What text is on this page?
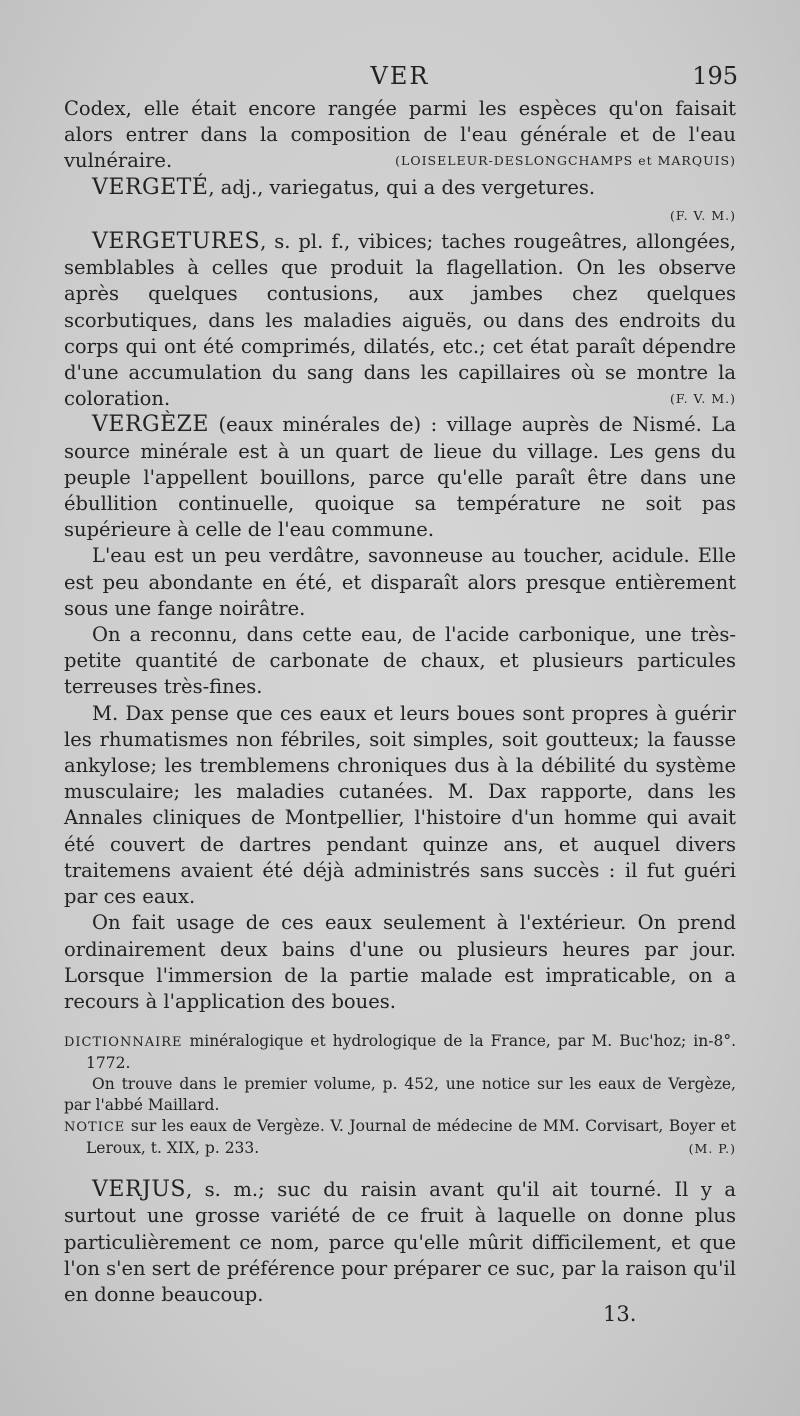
VER	195

Codex, elle était encore rangée parmi les espèces qu'on faisait alors entrer dans la composition de l'eau générale et de l'eau vulnéraire.	(LOISELEUR-DESLONGCHAMPS et MARQUIS)

VERGETÉ, adj., variegatus, qui a des vergetures.

(F. V. M.)

VERGETURES, s. pl. f., vibices; taches rougeâtres, allongées, semblables à celles que produit la flagellation. On les observe après quelques contusions, aux jambes chez quelques scorbutiques, dans les maladies aiguës, ou dans des endroits du corps qui ont été comprimés, dilatés, etc.; cet état paraît dépendre d'une accumulation du sang dans les capillaires où se montre la coloration.	(F. V. M.)

VERGÈZE (eaux minérales de) : village auprès de Nismé. La source minérale est à un quart de lieue du village. Les gens du peuple l'appellent bouillons, parce qu'elle paraît être dans une ébullition continuelle, quoique sa température ne soit pas supérieure à celle de l'eau commune.

L'eau est un peu verdâtre, savonneuse au toucher, acidule. Elle est peu abondante en été, et disparaît alors presque entièrement sous une fange noirâtre.

On a reconnu, dans cette eau, de l'acide carbonique, une très-petite quantité de carbonate de chaux, et plusieurs particules terreuses très-fines.

M. Dax pense que ces eaux et leurs boues sont propres à guérir les rhumatismes non fébriles, soit simples, soit goutteux; la fausse ankylose; les tremblemens chroniques dus à la débilité du système musculaire; les maladies cutanées. M. Dax rapporte, dans les Annales cliniques de Montpellier, l'histoire d'un homme qui avait été couvert de dartres pendant quinze ans, et auquel divers traitemens avaient été déjà administrés sans succès : il fut guéri par ces eaux.

On fait usage de ces eaux seulement à l'extérieur. On prend ordinairement deux bains d'une ou plusieurs heures par jour. Lorsque l'immersion de la partie malade est impraticable, on a recours à l'application des boues.

DICTIONNAIRE minéralogique et hydrologique de la France, par M. Buc'hoz; in-8°. 1772.

On trouve dans le premier volume, p. 452, une notice sur les eaux de Vergèze, par l'abbé Maillard.

NOTICE sur les eaux de Vergèze. V. Journal de médecine de MM. Corvisart, Boyer et Leroux, t. XIX, p. 233.	(M. P.)

VERJUS, s. m.; suc du raisin avant qu'il ait tourné. Il y a surtout une grosse variété de ce fruit à laquelle on donne plus particulièrement ce nom, parce qu'elle mûrit difficilement, et que l'on s'en sert de préférence pour préparer ce suc, par la raison qu'il en donne beaucoup.

13.
